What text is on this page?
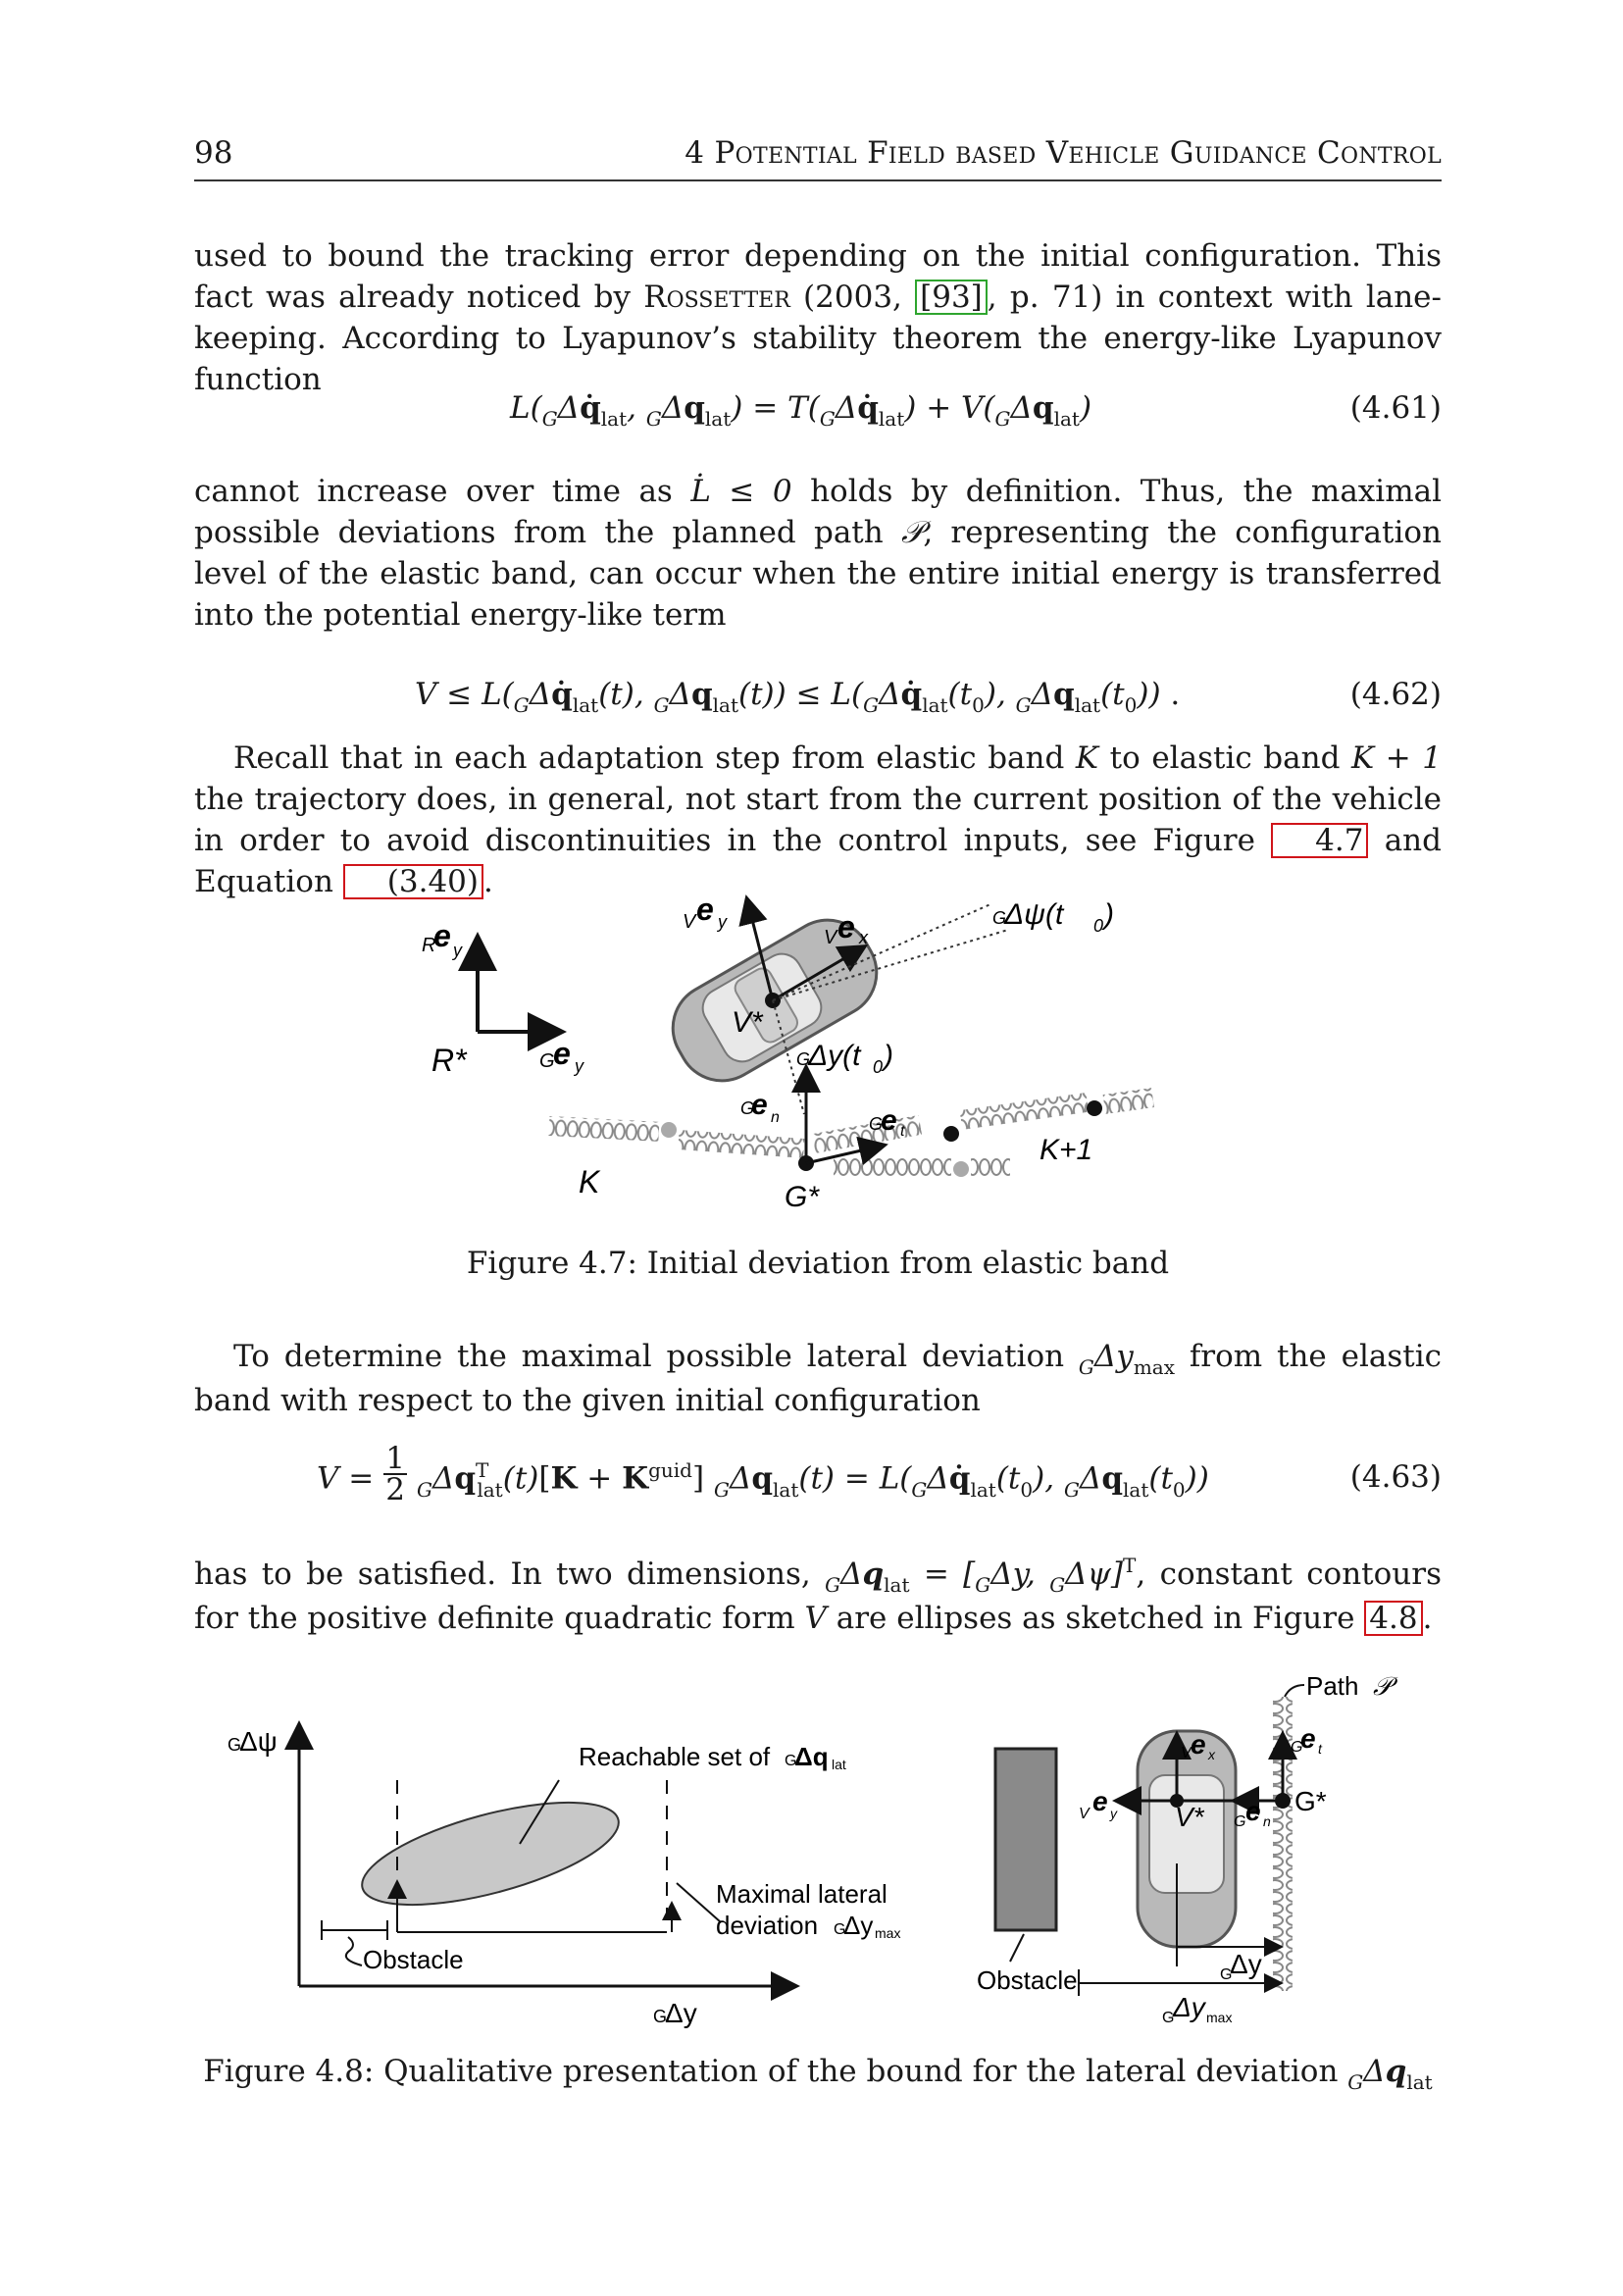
98	4 Potential Field based Vehicle Guidance Control
used to bound the tracking error depending on the initial configuration. This fact was already noticed by Rossetter (2003, [93] , p. 71) in context with lane-keeping. According to Lyapunov’s stability theorem the energy-like Lyapunov function
$L(_G\Delta q̇_{lat}$, $_G\Delta q_{lat}$) = $T(_G\Delta q̇_{lat}) + V(_G\Delta q_{lat})$	(4.61)
cannot increase over time as L̇ ≤ 0 holds by definition. Thus, the maximal possible deviations from the planned path 𝒫, representing the configuration level of the elastic band, can occur when the entire initial energy is transferred into the potential energy-like term
$V \le L(_G\Delta q̇_{lat}(t)$, $_G\Delta q_{lat}(t)$) ≤ $L(_G\Delta q̇_{lat}(t_0)$, $_G\Delta q_{lat}(t_0)$) .	(4.62)
Recall that in each adaptation step from elastic band K to elastic band K + 1 the trajectory does, in general, not start from the current position of the vehicle in order to avoid discontinuities in the control inputs, see Figure 4.7 and Equation (3.40) .
R
e y
R*	G
e y
V e y
V e x
V*
G
Δψ(t 0 )
G
Δy(t 0 )
G
e n	G
e t
G*
K
K+1
Figure 4.7: Initial deviation from elastic band
To determine the maximal possible lateral deviation $_G\Delta y_{max}$ from the elastic band with respect to the given initial configuration
V = 1

2 $_G\Delta q^T_{lat}(t)[K + K^{guid}] _G\Delta q_{lat}(t)$ = $L(_G\Delta q̇_{lat}(t_0)$, $_G\Delta q_{lat}(t_0)$)	(4.63)
has to be satisfied. In two dimensions, $_G\Delta q_{lat} = [_G\Delta y$, $_G$Δψ]$^T$, constant contours for the positive definite quadratic form V are ellipses as sketched in Figure 4.8 .
G
Δψ
Obstacle
Reachable set of G
Δq lat
Maximal lateral
deviation G
Δy max
G
Δy
Obstacle
V e x
V e y V* G e n
G
e t
G*
Path 𝒫
G
Δy
G
Δy max
Figure 4.8: Qualitative presentation of the bound for the lateral deviation $_G\Delta q_{lat}$
